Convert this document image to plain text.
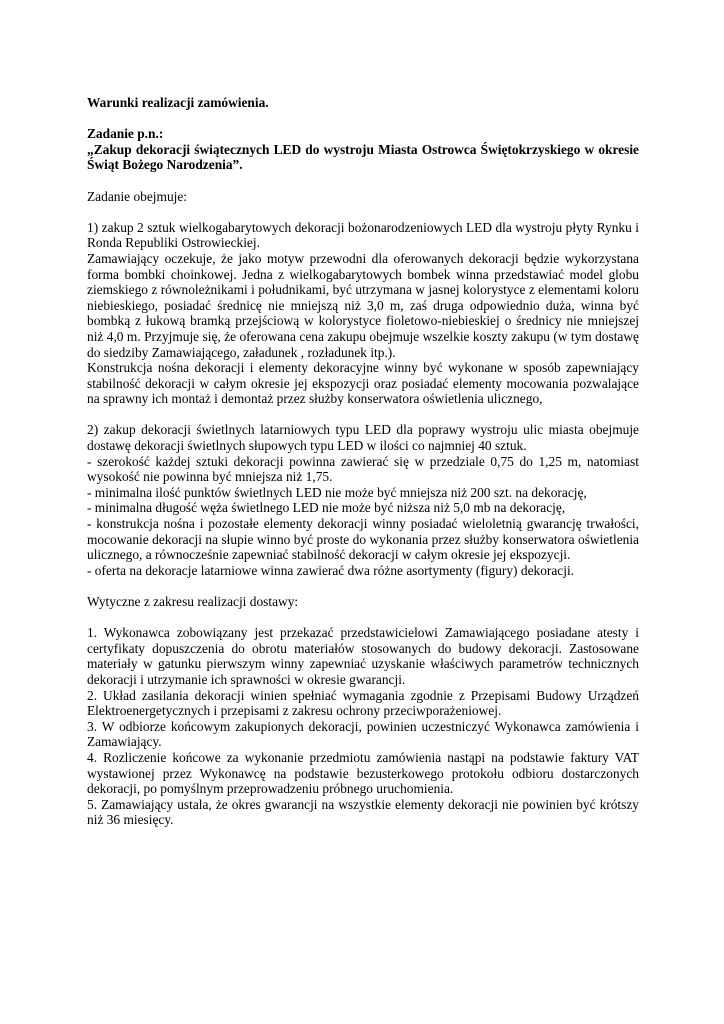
Warunki realizacji zamówienia.

Zadanie p.n.:

„Zakup dekoracji świątecznych LED do wystroju Miasta Ostrowca Świętokrzyskiego w okresie Świąt Bożego Narodzenia”.

Zadanie obejmuje:

1) zakup 2 sztuk wielkogabarytowych dekoracji bożonarodzeniowych LED dla wystroju płyty Rynku i Ronda Republiki Ostrowieckiej.

Zamawiający oczekuje, że jako motyw przewodni dla oferowanych dekoracji będzie wykorzystana forma bombki choinkowej. Jedna z wielkogabarytowych bombek winna przedstawiać model globu ziemskiego z równoleżnikami i południkami, być utrzymana w jasnej kolorystyce z elementami koloru niebieskiego, posiadać średnicę nie mniejszą niż 3,0 m, zaś druga odpowiednio duża, winna być bombką z łukową bramką przejściową w kolorystyce fioletowo-niebieskiej o średnicy nie mniejszej niż 4,0 m. Przyjmuje się, że oferowana cena zakupu obejmuje wszelkie koszty zakupu (w tym dostawę do siedziby Zamawiającego, załadunek , rozładunek itp.).

Konstrukcja nośna dekoracji i elementy dekoracyjne winny być wykonane w sposób zapewniający stabilność dekoracji w całym okresie jej ekspozycji oraz posiadać elementy mocowania pozwalające na sprawny ich montaż i demontaż przez służby konserwatora oświetlenia ulicznego,

2) zakup dekoracji świetlnych latarniowych typu LED dla poprawy wystroju ulic miasta obejmuje dostawę dekoracji świetlnych słupowych typu LED w ilości co najmniej 40 sztuk.

- szerokość każdej sztuki dekoracji powinna zawierać się w przedziale 0,75 do 1,25 m, natomiast wysokość nie powinna być mniejsza niż 1,75.

- minimalna ilość punktów świetlnych LED nie może być mniejsza niż 200 szt. na dekorację,

- minimalna długość węża świetlnego LED nie może być niższa niż 5,0 mb na dekorację,

- konstrukcja nośna i pozostałe elementy dekoracji winny posiadać wieloletnią gwarancję trwałości, mocowanie dekoracji na słupie winno być proste do wykonania przez służby konserwatora oświetlenia ulicznego, a równocześnie zapewniać stabilność dekoracji w całym okresie jej ekspozycji.

- oferta na dekoracje latarniowe winna zawierać dwa różne asortymenty (figury) dekoracji.

Wytyczne z zakresu realizacji dostawy:

1. Wykonawca zobowiązany jest przekazać przedstawicielowi Zamawiającego posiadane atesty i certyfikaty dopuszczenia do obrotu materiałów stosowanych do budowy dekoracji. Zastosowane materiały w gatunku pierwszym winny zapewniać uzyskanie właściwych parametrów technicznych dekoracji i utrzymanie ich sprawności w okresie gwarancji.

2. Układ zasilania dekoracji winien spełniać wymagania zgodnie z Przepisami Budowy Urządzeń Elektroenergetycznych i przepisami z zakresu ochrony przeciwporażeniowej.

3. W odbiorze końcowym zakupionych dekoracji, powinien uczestniczyć Wykonawca zamówienia i Zamawiający.

4. Rozliczenie końcowe za wykonanie przedmiotu zamówienia nastąpi na podstawie faktury VAT wystawionej przez Wykonawcę na podstawie bezusterkowego protokołu odbioru dostarczonych dekoracji, po pomyślnym przeprowadzeniu próbnego uruchomienia.

5. Zamawiający ustala, że okres gwarancji na wszystkie elementy dekoracji nie powinien być krótszy niż 36 miesięcy.
